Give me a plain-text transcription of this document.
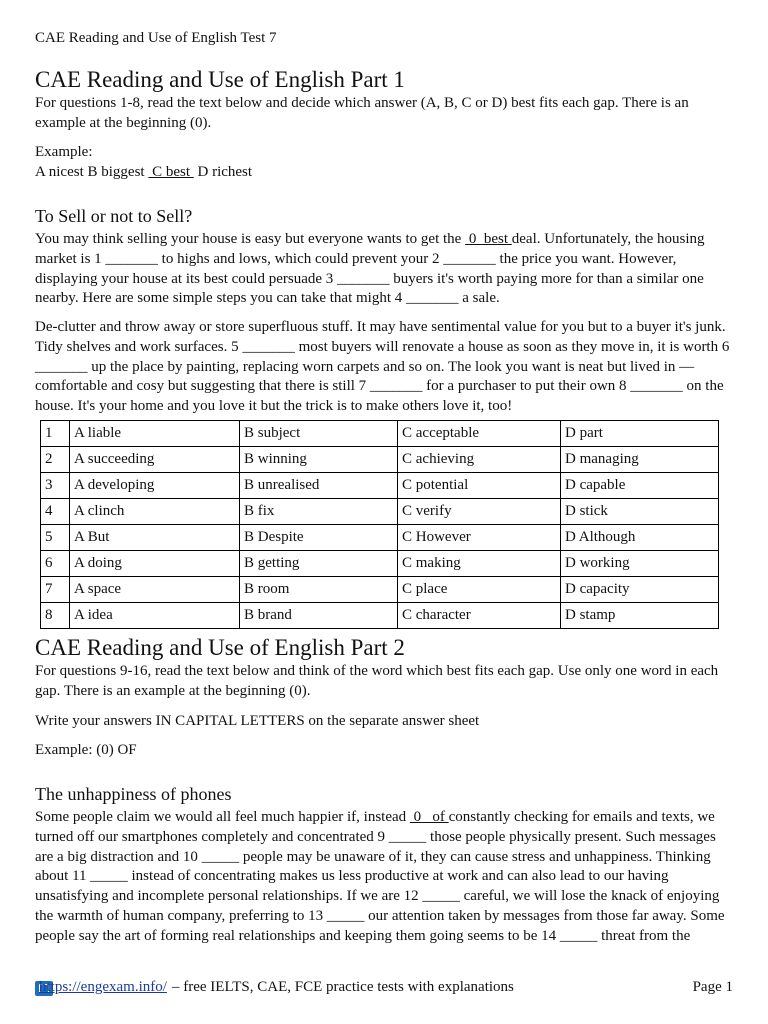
CAE Reading and Use of English Test 7
CAE Reading and Use of English Part 1

For questions 1-8, read the text below and decide which answer (A, B, C or D) best fits each gap. There is an example at the beginning (0).

Example:

A nicest B biggest  C best  D richest

To Sell or not to Sell?

You may think selling your house is easy but everyone wants to get the  0  best deal. Unfortunately, the housing market is 1 _______ to highs and lows, which could prevent your 2 _______ the price you want. However, displaying your house at its best could persuade 3 _______ buyers it's worth paying more for than a similar one nearby. Here are some simple steps you can take that might 4 _______ a sale.

De-clutter and throw away or store superfluous stuff. It may have sentimental value for you but to a buyer it's junk. Tidy shelves and work surfaces. 5 _______ most buyers will renovate a house as soon as they move in, it is worth 6 _______ up the place by painting, replacing worn carpets and so on. The look you want is neat but lived in — comfortable and cosy but suggesting that there is still 7 _______ for a purchaser to put their own 8 _______ on the house. It's your home and you love it but the trick is to make others love it, too!

1	A liable	B subject	C acceptable	D part
2	A succeeding	B winning	C achieving	D managing
3	A developing	B unrealised	C potential	D capable
4	A clinch	B fix	C verify	D stick
5	A But	B Despite	C However	D Although
6	A doing	B getting	C making	D working
7	A space	B room	C place	D capacity
8	A idea	B brand	C character	D stamp
CAE Reading and Use of English Part 2

For questions 9-16, read the text below and think of the word which best fits each gap. Use only one word in each gap. There is an example at the beginning (0).

Write your answers IN CAPITAL LETTERS on the separate answer sheet

Example: (0) OF

The unhappiness of phones

Some people claim we would all feel much happier if, instead  0   of constantly checking for emails and texts, we turned off our smartphones completely and concentrated 9 _____ those people physically present. Such messages are a big distraction and 10 _____ people may be unaware of it, they can cause stress and unhappiness. Thinking about 11 _____ instead of concentrating makes us less productive at work and can also lead to our having unsatisfying and incomplete personal relationships. If we are 12 _____ careful, we will lose the knack of enjoying the warmth of human company, preferring to 13 _____ our attention taken by messages from those far away. Some people say the art of forming real relationships and keeping them going seems to be 14 _____ threat from the

https://engexam.info/ – free IELTS, CAE, FCE practice tests with explanations	Page 1
